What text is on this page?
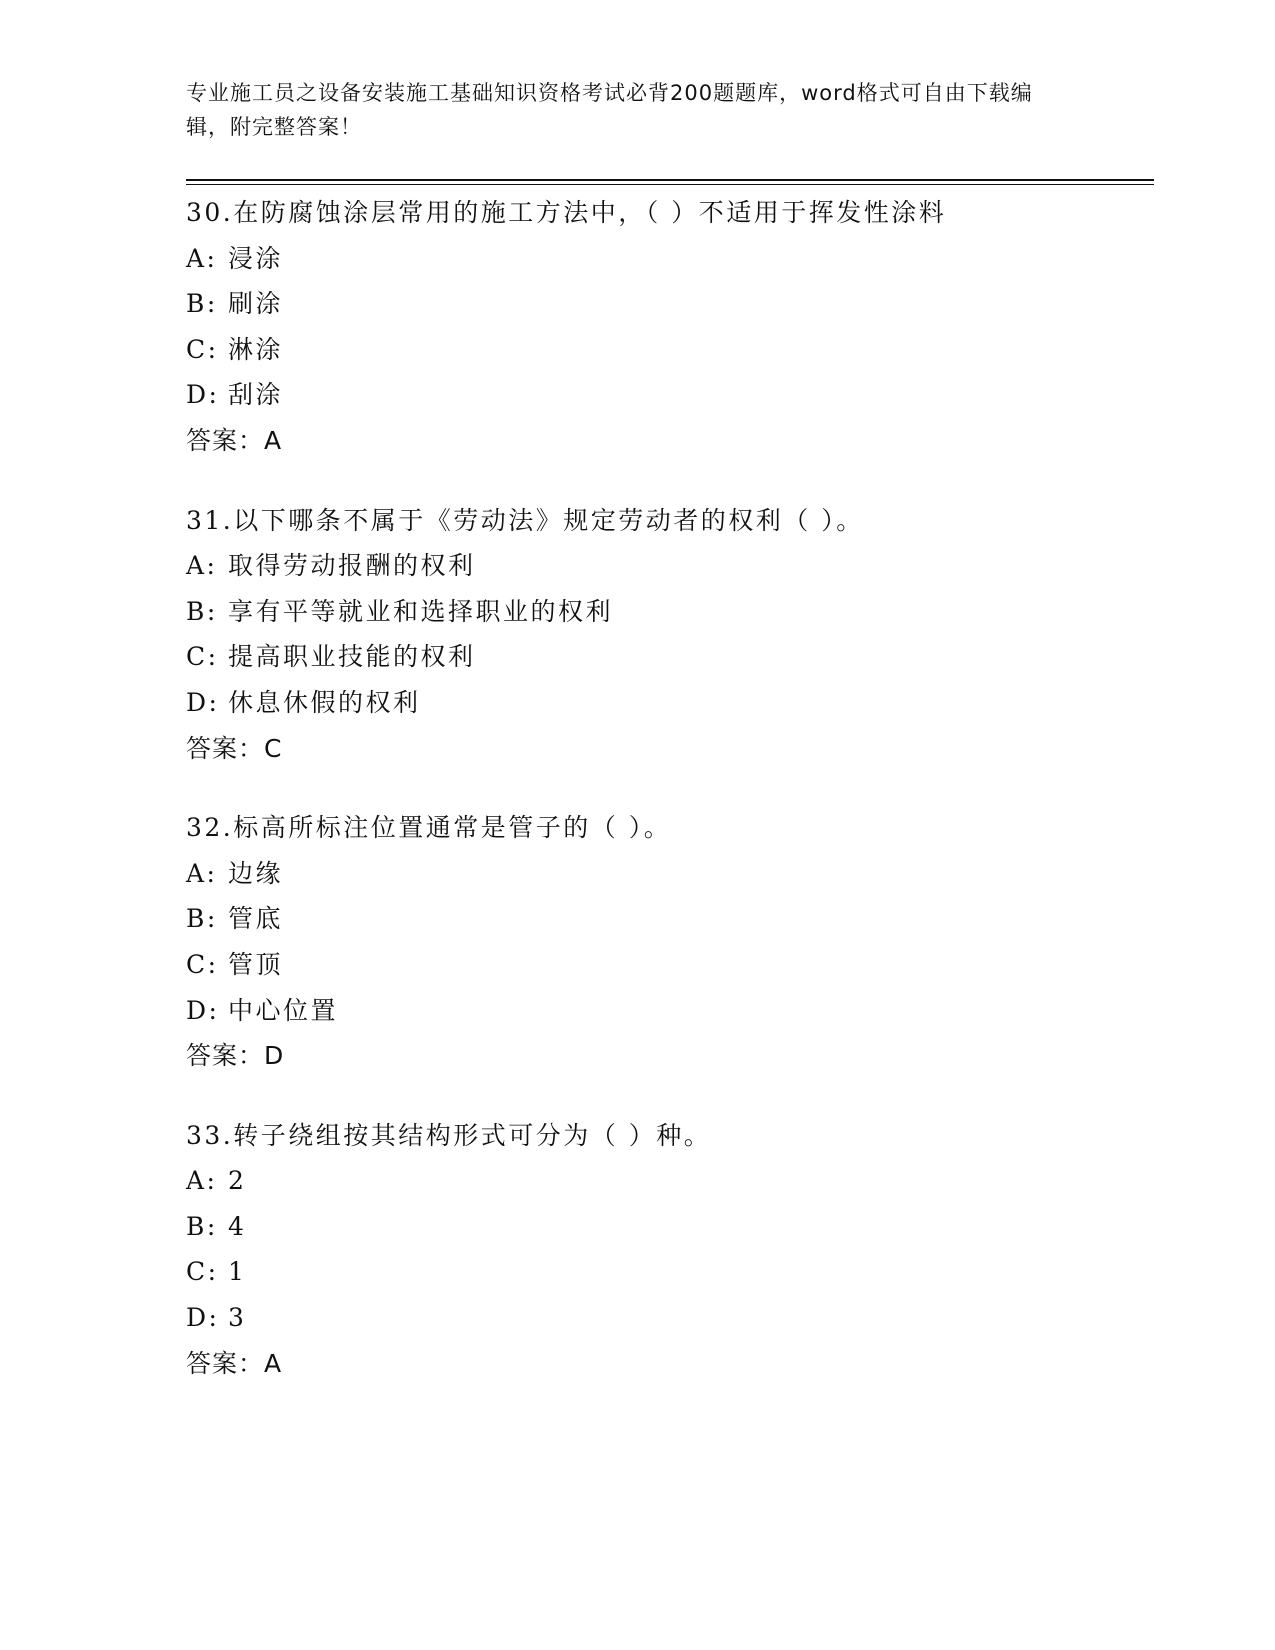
专业施工员之设备安装施工基础知识资格考试必背200题题库，word格式可自由下载编辑，附完整答案！
30.在防腐蚀涂层常用的施工方法中，（ ）不适用于挥发性涂料
A: 浸涂
B: 刷涂
C: 淋涂
D: 刮涂
答案：A
31.以下哪条不属于《劳动法》规定劳动者的权利（ ）。
A: 取得劳动报酬的权利
B: 享有平等就业和选择职业的权利
C: 提高职业技能的权利
D: 休息休假的权利
答案：C
32.标高所标注位置通常是管子的（ ）。
A: 边缘
B: 管底
C: 管顶
D: 中心位置
答案：D
33.转子绕组按其结构形式可分为（ ）种。
A: 2
B: 4
C: 1
D: 3
答案：A
